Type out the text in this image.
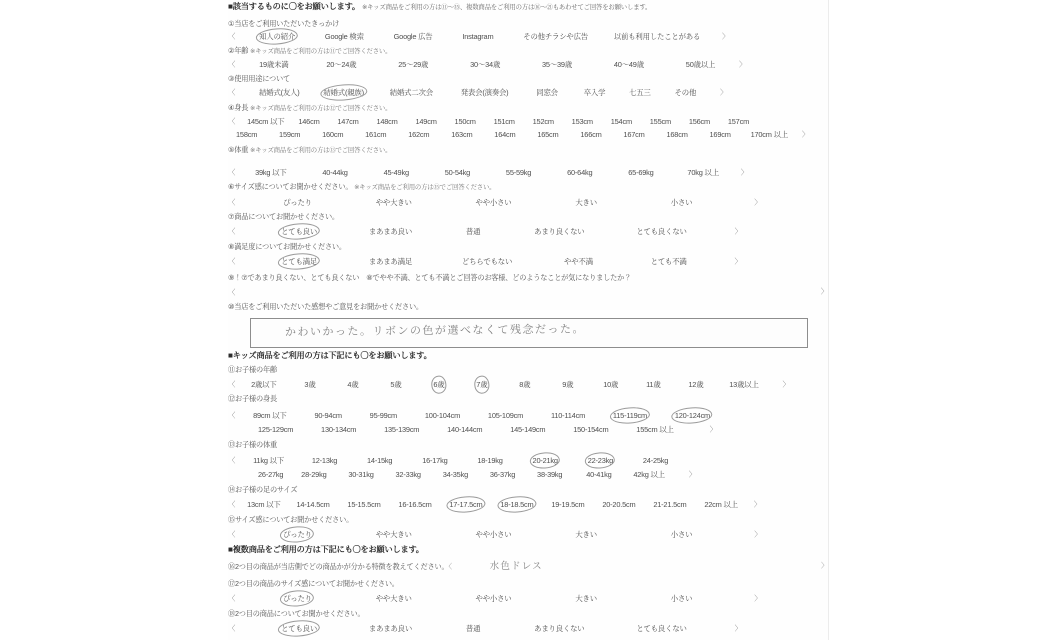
■該当するものに〇をお願いします。 ※キッズ商品をご利用の方は⑪〜⑮、複数商品をご利用の方は⑯〜㉑もあわせてご回答をお願いします。
①当店をご利用いただいたきっかけ
〈	知人の紹介	Google 検索	Google 広告	Instagram	その他チラシや広告	以前も利用したことがある	〉
②年齢 ※キッズ商品をご利用の方は⑪でご回答ください。
〈	19歳未満	20〜24歳	25〜29歳	30〜34歳	35〜39歳	40〜49歳	50歳以上	〉
③使用用途について
〈	結婚式(友人)	結婚式(親族)	結婚式二次会	発表会(演奏会)	同窓会	卒入学	七五三	その他	〉
④身長 ※キッズ商品をご利用の方は⑫でご回答ください。
〈 145cm 以下 146cm 147cm 148cm 149cm 150cm 151cm 152cm 153cm 154cm 155cm 156cm 157cm
158cm	159cm	160cm	161cm	162cm	163cm	164cm	165cm	166cm	167cm	168cm	169cm	170cm 以上 〉
⑤体重 ※キッズ商品をご利用の方は⑬でご回答ください。
〈	39kg 以下	40-44kg	45-49kg	50-54kg	55-59kg	60-64kg	65-69kg	70kg 以上	〉
⑥サイズ感についてお聞かせください。 ※キッズ商品をご利用の方は⑮でご回答ください。
〈	ぴったり	やや大きい	やや小さい	大きい	小さい	〉
⑦商品についてお聞かせください。
〈	とても良い	まあまあ良い	普通	あまり良くない	とても良くない	〉
⑧満足度についてお聞かせください。
〈	とても満足	まあまあ満足	どちらでもない	やや不満	とても不満	〉
⑨！⑦であまり良くない、とても良くない　⑧でやや不満、とても不満とご回答のお客様、どのようなことが気になりましたか？
〈	〉
⑩当店をご利用いただいた感想やご意見をお聞かせください。
かわいかった。リボンの色が選べなくて残念だった。
■キッズ商品をご利用の方は下記にも〇をお願いします。
⑪お子様の年齢
〈 2歳以下	3歳	4歳	5歳	6歳	7歳	8歳	9歳	10歳	11歳	12歳	13歳以上	〉
⑫お子様の身長
〈 89cm 以下	90-94cm	95-99cm	100-104cm	105-109cm	110-114cm	115-119cm	120-124cm
125-129cm	130-134cm	135-139cm	140-144cm	145-149cm	150-154cm	155cm 以上	〉
⑬お子様の体重
〈 11kg 以下	12-13kg	14-15kg	16-17kg	18-19kg	20-21kg	22-23kg	24-25kg
26-27kg 28-29kg	30-31kg	32-33kg	34-35kg	36-37kg	38-39kg	40-41kg	42kg 以上	〉
⑭お子様の足のサイズ
〈 13cm 以下 14-14.5cm 15-15.5cm 16-16.5cm 17-17.5cm 18-18.5cm 19-19.5cm 20-20.5cm 21-21.5cm 22cm 以上 〉
⑮サイズ感についてお聞かせください。
〈	ぴったり	やや大きい	やや小さい	大きい	小さい	〉
■複数商品をご利用の方は下記にも〇をお願いします。
⑯2つ目の商品が当店側でどの商品かが分かる特徴を教えてください。〈	水色ドレス	〉
⑰2つ目の商品のサイズ感についてお聞かせください。
〈	ぴったり	やや大きい	やや小さい	大きい	小さい	〉
⑱2つ目の商品についてお聞かせください。
〈	とても良い	まあまあ良い	普通	あまり良くない	とても良くない	〉
